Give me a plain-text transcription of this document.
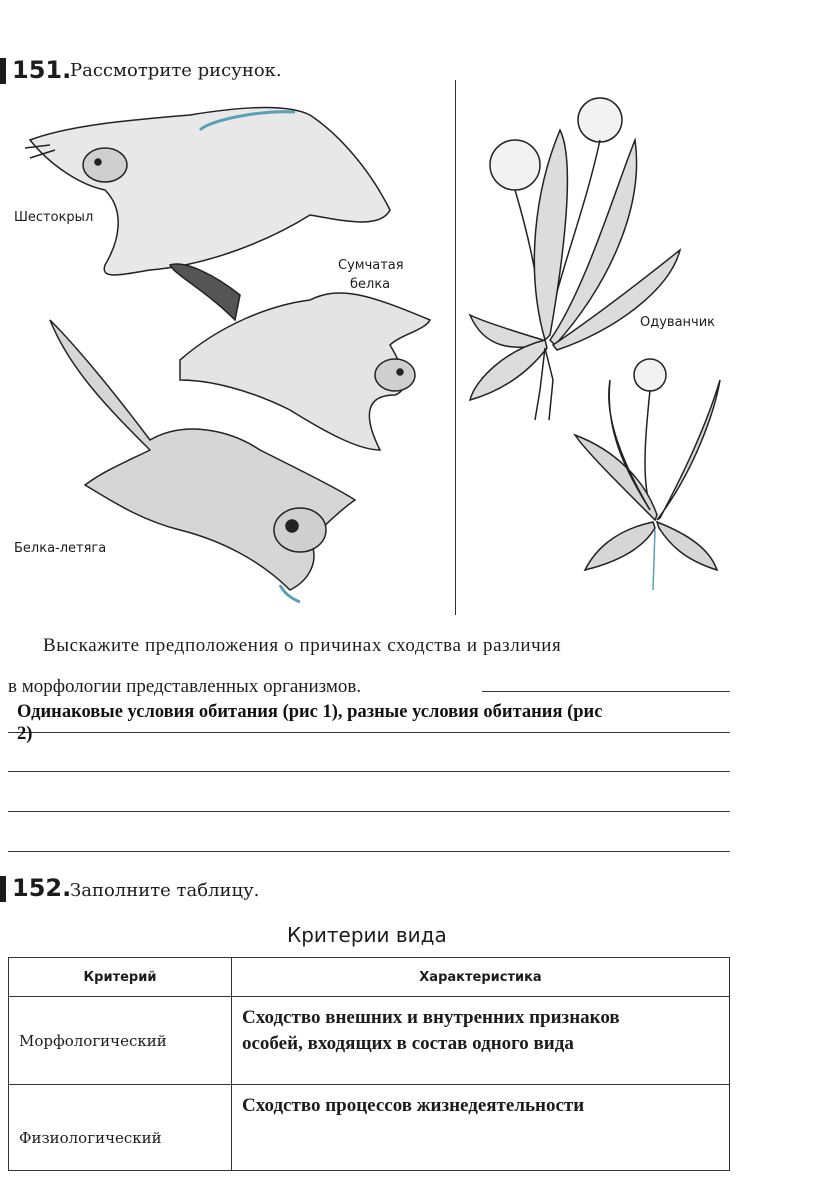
151.
Рассмотрите рисунок.
Шестокрыл
Сумчатая
белка
Белка-летяга
Одуванчик
Выскажите предположения о причинах сходства и различия
в морфологии представленных организмов.
Одинаковые условия обитания (рис 1), разные условия обитания (рис
2)
152.
Заполните таблицу.
Критерии вида
Критерий	Характеристика
Морфологический	Сходство внешних и внутренних признаков
особей, входящих в состав одного вида

Физиологический	Сходство процессов жизнедеятельности
